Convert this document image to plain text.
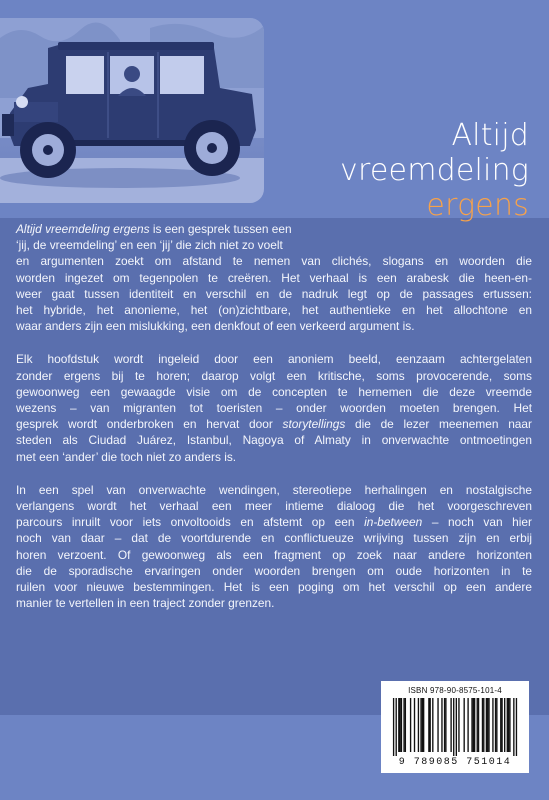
Altijd
vreemdeling
ergens

Altijd vreemdeling ergens is een gesprek tussen een
‘jij, de vreemdeling’ en een ‘jij’ die zich niet zo voelt
en argumenten zoekt om afstand te nemen van clichés, slogans en woorden die
worden ingezet om tegenpolen te creëren. Het verhaal is een arabesk die heen-en-
weer gaat tussen identiteit en verschil en de nadruk legt op de passages ertussen:
het hybride, het anonieme, het (on)zichtbare, het authentieke en het allochtone en
waar anders zijn een mislukking, een denkfout of een verkeerd argument is.

Elk hoofdstuk wordt ingeleid door een anoniem beeld, eenzaam achtergelaten
zonder ergens bij te horen; daarop volgt een kritische, soms provocerende, soms
gewoonweg een gewaagde visie om de concepten te hernemen die deze vreemde
wezens – van migranten tot toeristen – onder woorden moeten brengen. Het
gesprek wordt onderbroken en hervat door storytellings die de lezer meenemen naar
steden als Ciudad Juárez, Istanbul, Nagoya of Almaty in onverwachte ontmoetingen
met een ‘ander’ die toch niet zo anders is.

In een spel van onverwachte wendingen, stereotiepe herhalingen en nostalgische
verlangens wordt het verhaal een meer intieme dialoog die het voorgeschreven
parcours inruilt voor iets onvoltooids en afstemt op een in-between – noch van hier
noch van daar – dat de voortdurende en conflictueuze wrijving tussen zijn en erbij
horen verzoent. Of gewoonweg als een fragment op zoek naar andere horizonten
die de sporadische ervaringen onder woorden brengen om oude horizonten in te
ruilen voor nieuwe bestemmingen. Het is een poging om het verschil op een andere
manier te vertellen in een traject zonder grenzen.

ISBN 978-90-8575-101-4
9 789085 751014
